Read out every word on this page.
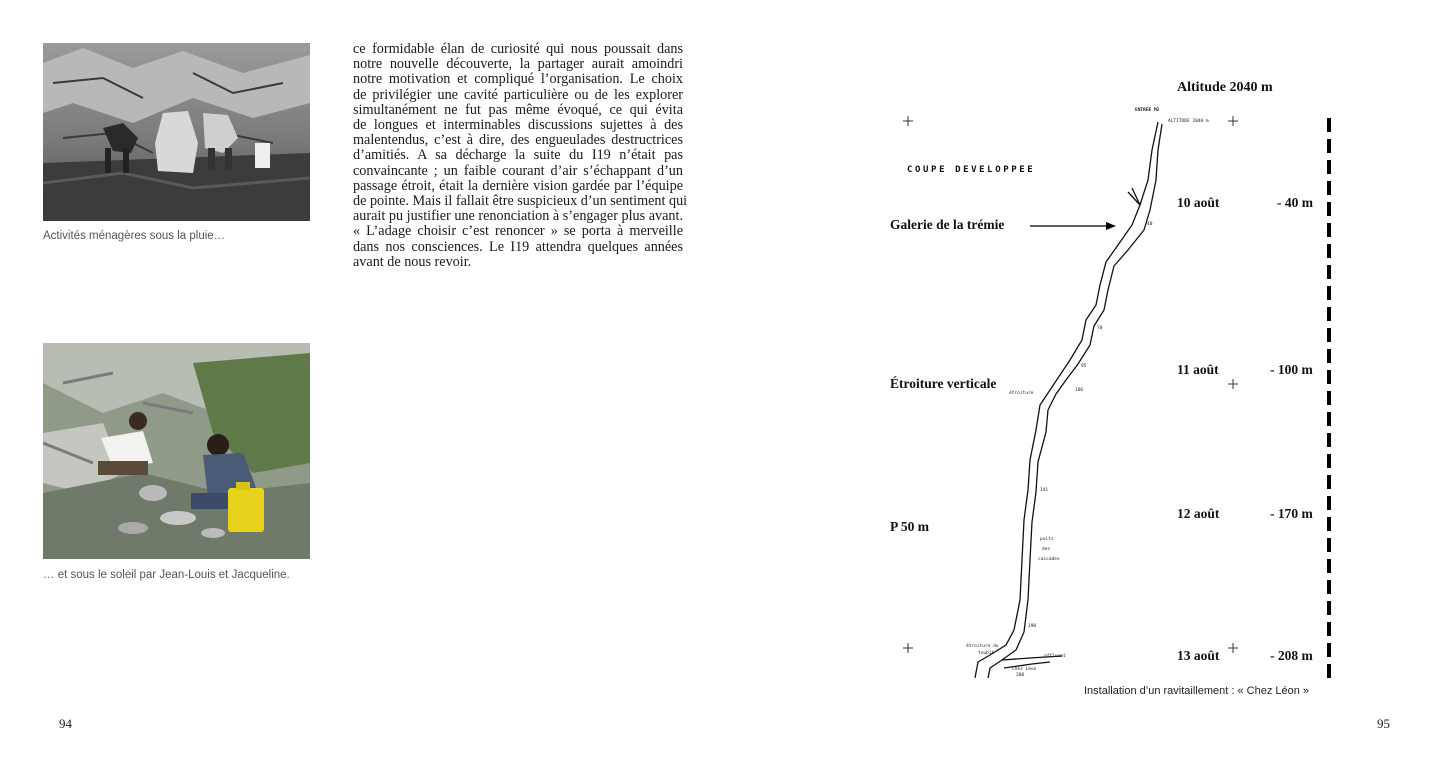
Activités ménagères sous la pluie…
… et sous le soleil par Jean-Louis et Jacqueline.
ce formidable élan de curiosité qui nous poussait dans
notre nouvelle découverte, la partager aurait amoindri
notre motivation et compliqué l’organisation. Le choix
de privilégier une cavité particulière ou de les explorer
simultanément ne fut pas même évoqué, ce qui évita
de longues et interminables discussions sujettes à des
malentendus, c’est à dire, des engueulades destructrices
d’amitiés. A sa décharge la suite du I19 n’était pas
convaincante ; un faible courant d’air s’échappant d’un
passage étroit, était la dernière vision gardée par l’équipe
de pointe. Mais il fallait être suspicieux d’un sentiment qui
aurait pu justifier une renonciation à s’engager plus avant.
« L’adage choisir c’est renoncer » se porta à merveille
dans nos consciences. Le I19 attendra quelques années
avant de nous revoir.
94
Altitude 2040 m
COUPE DEVELOPPEE
ENTREE M2
ALTITUDE 2040 m
Galerie de la trémie
Étroiture verticale
P 50 m
10 août
11 août
12 août
13 août
- 40 m
- 100 m
- 170 m
- 208 m
40
70
95
106
étroiture
141
puits
des
cascades
190
étroiture du
toubib
affluent
Chez Léon
208
Installation d’un ravitaillement : « Chez Léon »
95
